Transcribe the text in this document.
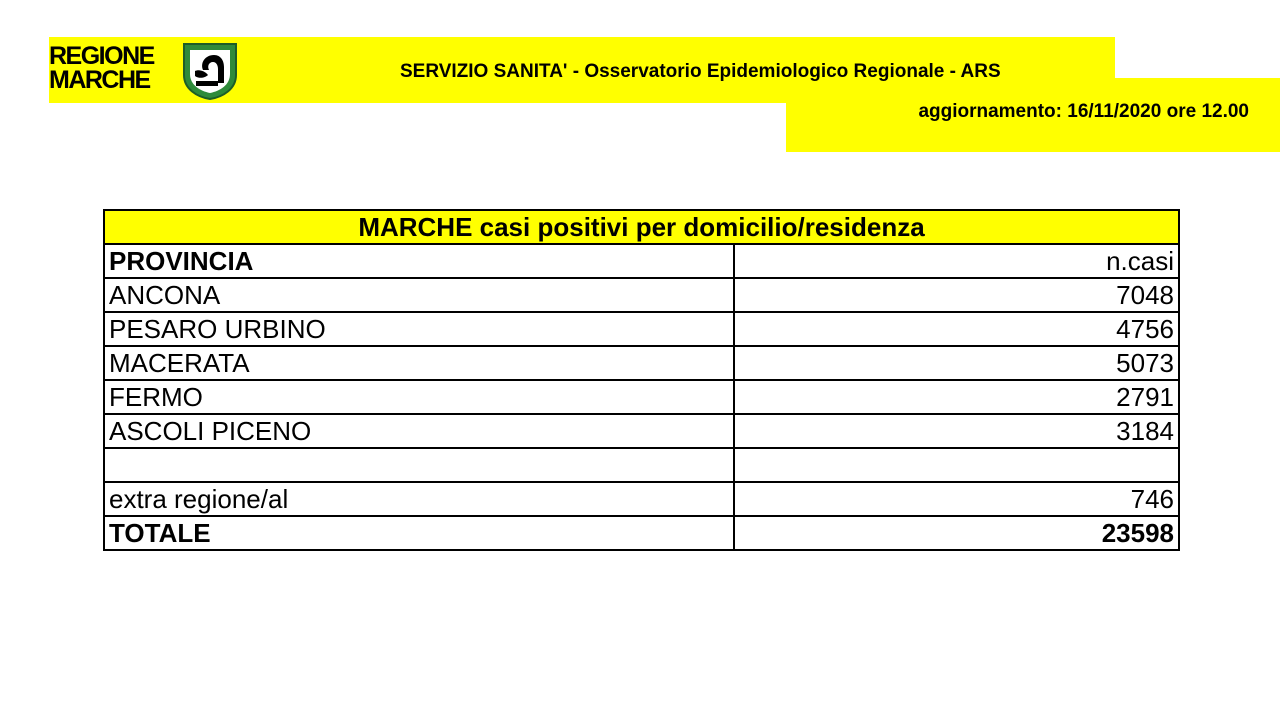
REGIONE
MARCHE	SERVIZIO SANITA' - Osservatorio Epidemiologico Regionale - ARS
aggiornamento: 16/11/2020 ore 12.00
MARCHE casi positivi per domicilio/residenza	
PROVINCIA	n.casi
ANCONA	7048
PESARO URBINO	4756
MACERATA	5073
FERMO	2791
ASCOLI PICENO	3184

extra regione/al	746
TOTALE	23598
